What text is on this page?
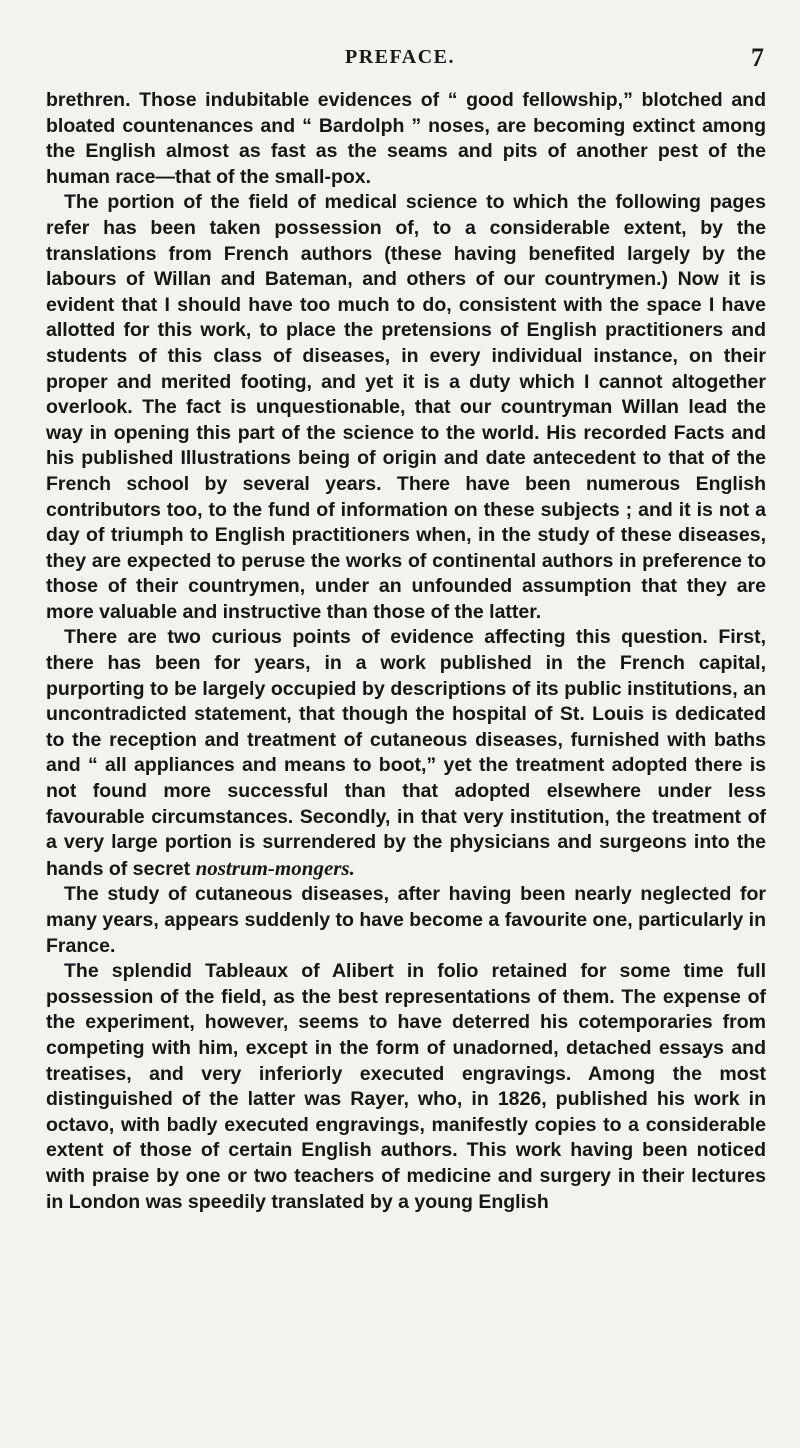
PREFACE.	7

brethren. Those indubitable evidences of “ good fellowship,” blotched and bloated countenances and “ Bardolph ” noses, are becoming extinct among the English almost as fast as the seams and pits of another pest of the human race—that of the small-pox.

The portion of the field of medical science to which the following pages refer has been taken possession of, to a considerable extent, by the translations from French authors (these having benefited largely by the labours of Willan and Bateman, and others of our countrymen.) Now it is evident that I should have too much to do, consistent with the space I have allotted for this work, to place the pretensions of English practitioners and students of this class of diseases, in every individual instance, on their proper and merited footing, and yet it is a duty which I cannot altogether overlook. The fact is unquestionable, that our countryman Willan lead the way in opening this part of the science to the world. His recorded Facts and his published Illustrations being of origin and date antecedent to that of the French school by several years. There have been numerous English contributors too, to the fund of information on these subjects ; and it is not a day of triumph to English practitioners when, in the study of these diseases, they are expected to peruse the works of continental authors in preference to those of their countrymen, under an unfounded assumption that they are more valuable and instructive than those of the latter.

There are two curious points of evidence affecting this question. First, there has been for years, in a work published in the French capital, purporting to be largely occupied by descriptions of its public institutions, an uncontradicted statement, that though the hospital of St. Louis is dedicated to the reception and treatment of cutaneous diseases, furnished with baths and “ all appliances and means to boot,” yet the treatment adopted there is not found more successful than that adopted elsewhere under less favourable circumstances. Secondly, in that very institution, the treatment of a very large portion is surrendered by the physicians and surgeons into the hands of secret nostrum-mongers.

The study of cutaneous diseases, after having been nearly neglected for many years, appears suddenly to have become a favourite one, particularly in France.

The splendid Tableaux of Alibert in folio retained for some time full possession of the field, as the best representations of them. The expense of the experiment, however, seems to have deterred his cotemporaries from competing with him, except in the form of unadorned, detached essays and treatises, and very inferiorly executed engravings. Among the most distinguished of the latter was Rayer, who, in 1826, published his work in octavo, with badly executed engravings, manifestly copies to a considerable extent of those of certain English authors. This work having been noticed with praise by one or two teachers of medicine and surgery in their lectures in London was speedily translated by a young English
